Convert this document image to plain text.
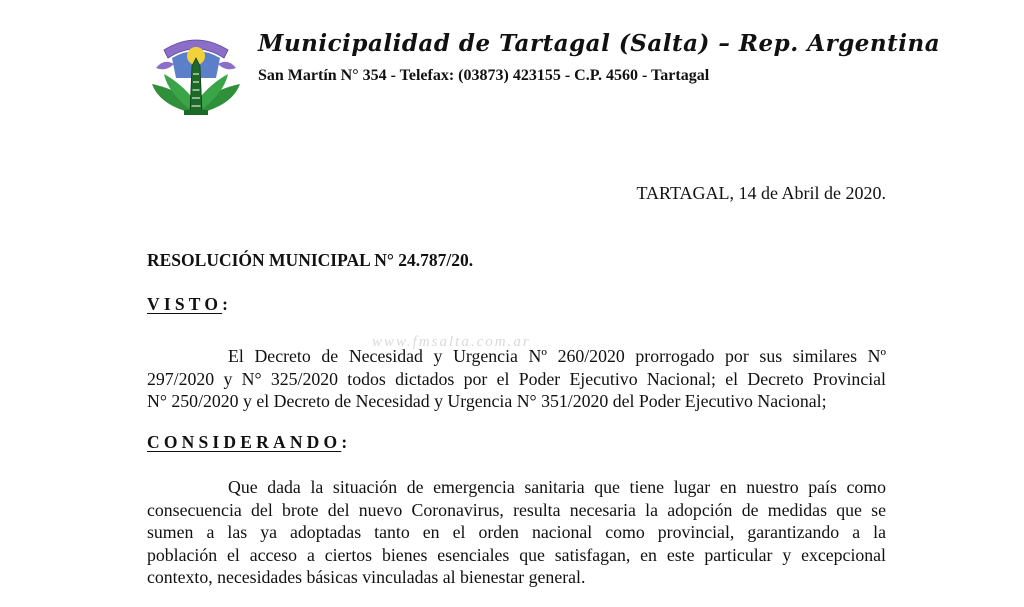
Municipalidad de Tartagal (Salta) – Rep. Argentina
San Martín N° 354 - Telefax: (03873) 423155 - C.P. 4560 - Tartagal
TARTAGAL, 14 de Abril de 2020.
RESOLUCIÓN MUNICIPAL N° 24.787/20.
VISTO:
www.fmsalta.com.ar
El Decreto de Necesidad y Urgencia Nº 260/2020 prorrogado por sus similares Nº
297/2020 y N° 325/2020 todos dictados por el Poder Ejecutivo Nacional; el Decreto Provincial
N° 250/2020 y el Decreto de Necesidad y Urgencia N° 351/2020 del Poder Ejecutivo Nacional;
CONSIDERANDO:
Que dada la situación de emergencia sanitaria que tiene lugar en nuestro país como
consecuencia del brote del nuevo Coronavirus, resulta necesaria la adopción de medidas que se
sumen a las ya adoptadas tanto en el orden nacional como provincial, garantizando a la
población el acceso a ciertos bienes esenciales que satisfagan, en este particular y excepcional
contexto, necesidades básicas vinculadas al bienestar general.
